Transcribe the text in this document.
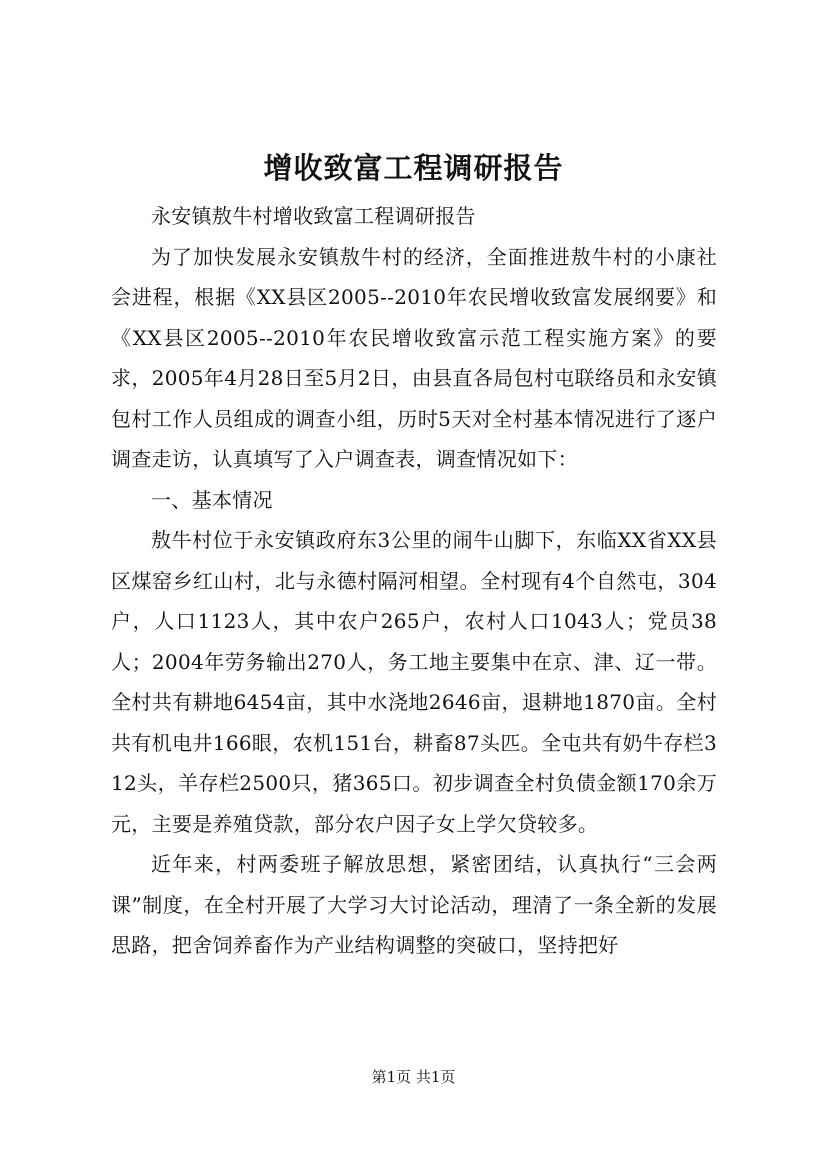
增收致富工程调研报告

永安镇敖牛村增收致富工程调研报告

为了加快发展永安镇敖牛村的经济，全面推进敖牛村的小康社会进程，根据《XX县区2005--2010年农民增收致富发展纲要》和《XX县区2005--2010年农民增收致富示范工程实施方案》的要求，2005年4月28日至5月2日，由县直各局包村屯联络员和永安镇包村工作人员组成的调查小组，历时5天对全村基本情况进行了逐户调查走访，认真填写了入户调查表，调查情况如下：

一、基本情况

敖牛村位于永安镇政府东3公里的闹牛山脚下，东临XX省XX县区煤窑乡红山村，北与永德村隔河相望。全村现有4个自然屯，304户，人口1123人，其中农户265户，农村人口1043人；党员38人；2004年劳务输出270人，务工地主要集中在京、津、辽一带。全村共有耕地6454亩，其中水浇地2646亩，退耕地1870亩。全村共有机电井166眼，农机151台，耕畜87头匹。全屯共有奶牛存栏312头，羊存栏2500只，猪365口。初步调查全村负债金额170余万元，主要是养殖贷款，部分农户因子女上学欠贷较多。

近年来，村两委班子解放思想，紧密团结，认真执行“三会两课”制度，在全村开展了大学习大讨论活动，理清了一条全新的发展思路，把舍饲养畜作为产业结构调整的突破口，坚持把好

第1页 共1页
